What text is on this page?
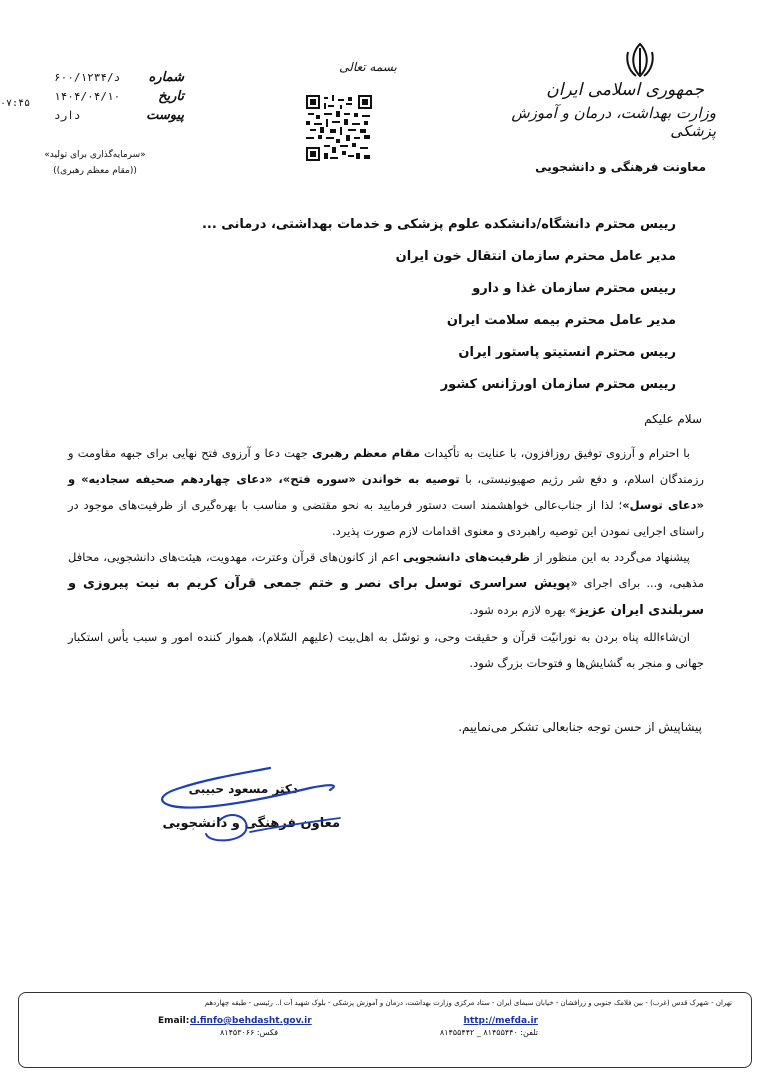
جمهوری اسلامی ایران
وزارت بهداشت، درمان و آموزش پزشکی
معاونت فرهنگی و دانشجویی
بسمه تعالی
۰۷:۴۵
شماره
د/۶۰۰/۱۲۳۴
تاریخ
۱۴۰۴/۰۴/۱۰
پیوست
دارد
«سرمایه‌گذاری برای تولید»
((مقام معظم رهبری))
رییس محترم دانشگاه/دانشکده علوم پزشکی و خدمات بهداشتی، درمانی ...
مدیر عامل محترم سازمان انتقال خون ایران
رییس محترم سازمان غذا و دارو
مدیر عامل محترم بیمه سلامت ایران
رییس محترم انستیتو پاستور ایران
رییس محترم سازمان اورژانس کشور
سلام علیکم

با احترام و آرزوی توفیق روزافزون، با عنایت به تأکیدات مقام معظم رهبری جهت دعا و آرزوی فتح نهایی برای جبهه مقاومت و رزمندگان اسلام، و دفع شر رژیم صهیونیستی، با توصیه به خواندن «سوره فتح»، «دعای چهاردهم صحیفه سجادیه» و «دعای توسل»؛ لذا از جناب‌عالی خواهشمند است دستور فرمایید به نحو مقتضی و مناسب با بهره‌گیری از ظرفیت‌های موجود در راستای اجرایی نمودن این توصیه راهبردی و معنوی اقدامات لازم صورت پذیرد.

پیشنهاد می‌گردد به این منظور از ظرفیت‌های دانشجویی اعم از کانون‌های قرآن وعترت، مهدویت، هیئت‌های دانشجویی، محافل مذهبی، و... برای اجرای «پویش سراسری توسل برای نصر و ختم جمعی قرآن کریم به نیت پیروزی و سربلندی ایران عزیز» بهره لازم برده شود.

ان‌شاءالله پناه بردن به نورانیّت قرآن و حقیقت وحی، و توسّل به اهل‌بیت (علیهم السّلام)، هموار کننده امور و سبب یأس استکبار جهانی و منجر به گشایش‌ها و فتوحات بزرگ شود.

پیشاپیش از حسن توجه جنابعالی تشکر می‌نماییم.
دکتر مسعود حبیبی
معاون فرهنگی و دانشجویی
تهران - شهرک قدس (غرب) - بین فلامک جنوبی و زرافشان - خیابان سیمای ایران - ستاد مرکزی وزارت بهداشت، درمان و آموزش پزشکی - بلوک شهید آت ا.. رئیسی - طبقه چهاردهم
http://mefda.ir
Email: d.finfo@behdasht.gov.ir
تلفن: ۸۱۴۵۵۴۴۰ _ ۸۱۴۵۵۴۴۲
فکس: ۸۱۴۵۳۰۶۶
